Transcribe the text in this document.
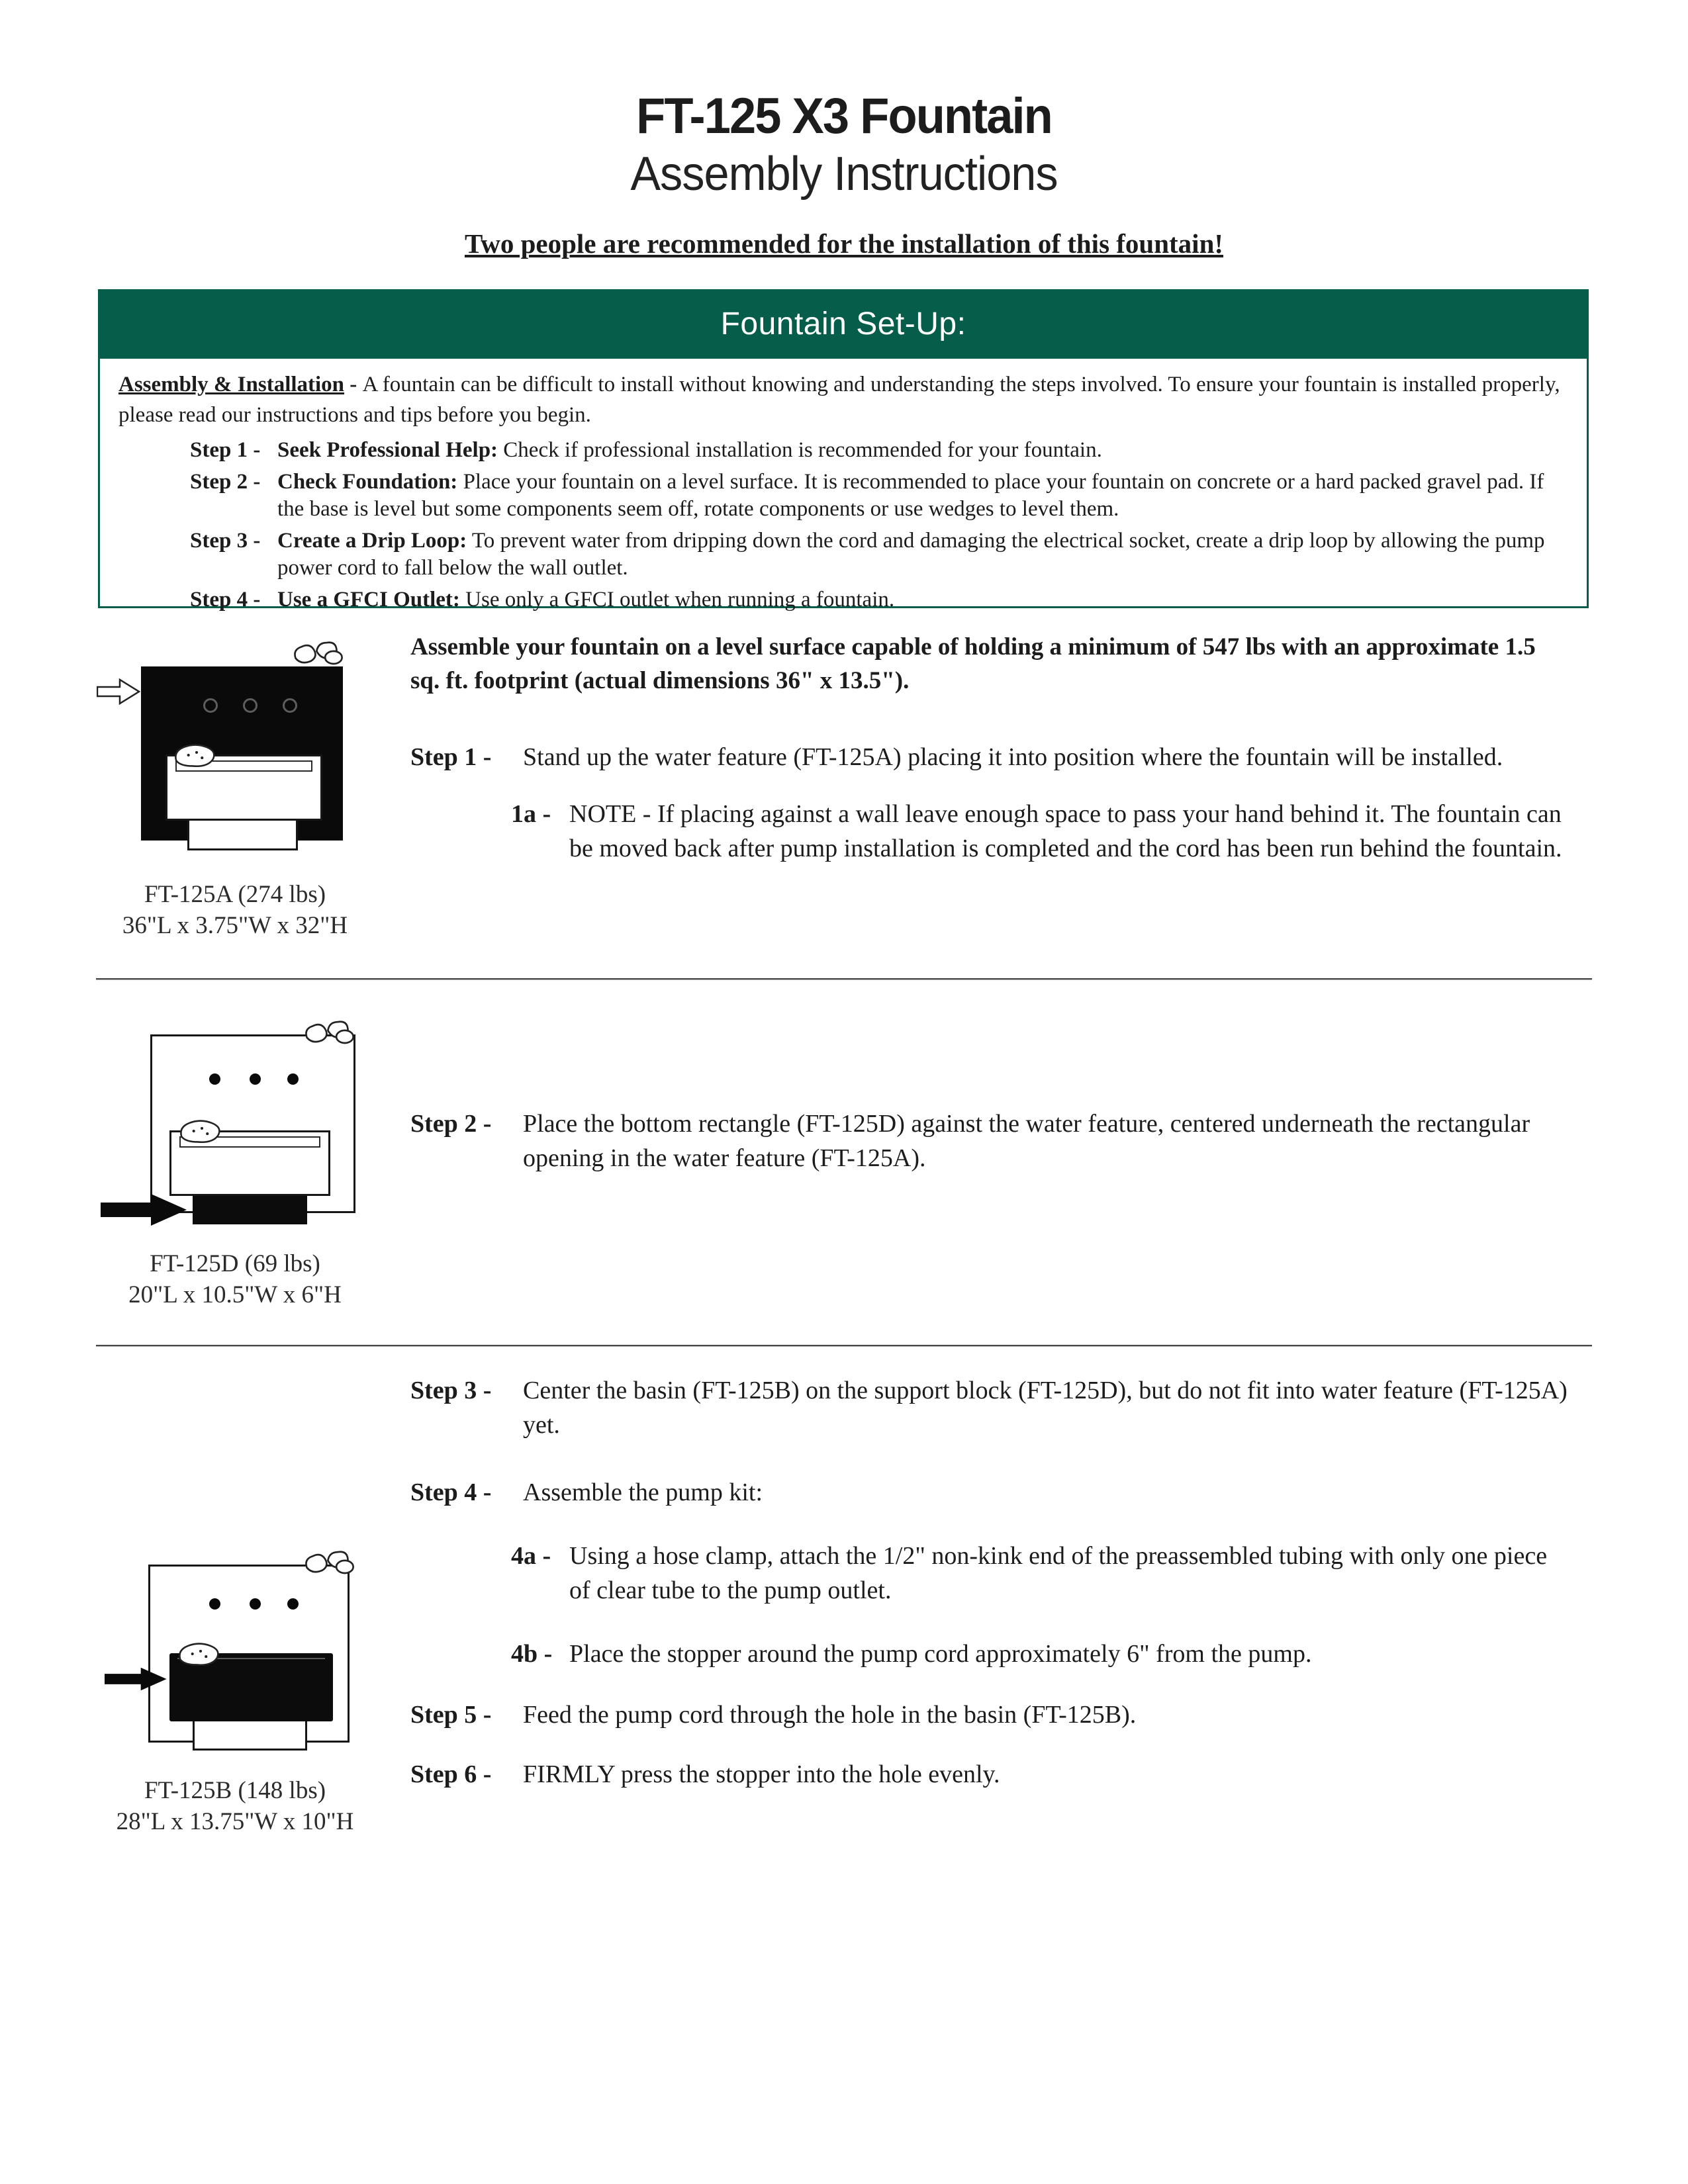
FT-125 X3 Fountain
Assembly Instructions
Two people are recommended for the installation of this fountain!
Fountain Set-Up:
Assembly & Installation - A fountain can be difficult to install without knowing and understanding the steps involved. To ensure your fountain is installed properly, please read our instructions and tips before you begin.
Step 1 - Seek Professional Help: Check if professional installation is recommended for your fountain.
Step 2 - Check Foundation: Place your fountain on a level surface. It is recommended to place your fountain on concrete or a hard packed gravel pad. If the base is level but some components seem off, rotate components or use wedges to level them.
Step 3 - Create a Drip Loop: To prevent water from dripping down the cord and damaging the electrical socket, create a drip loop by allowing the pump power cord to fall below the wall outlet.
Step 4 - Use a GFCI Outlet: Use only a GFCI outlet when running a fountain.
FT-125A (274 lbs)
36"L x 3.75"W x 32"H
Assemble your fountain on a level surface capable of holding a minimum of 547 lbs with an approximate 1.5 sq. ft. footprint (actual dimensions 36" x 13.5").
Step 1 -	Stand up the water feature (FT-125A) placing it into position where the fountain will be installed.
1a - NOTE - If placing against a wall leave enough space to pass your hand behind it. The fountain can be moved back after pump installation is completed and the cord has been run behind the fountain.
FT-125D (69 lbs)
20"L x 10.5"W x 6"H
Step 2 -	Place the bottom rectangle (FT-125D) against the water feature, centered underneath the rectangular opening in the water feature (FT-125A).
FT-125B (148 lbs)
28"L x 13.75"W x 10"H
Step 3 -	Center the basin (FT-125B) on the support block (FT-125D), but do not fit into water feature (FT-125A) yet.
Step 4 -	Assemble the pump kit:
4a - Using a hose clamp, attach the 1/2" non-kink end of the preassembled tubing with only one piece of clear tube to the pump outlet.
4b - Place the stopper around the pump cord approximately 6" from the pump.
Step 5 -	Feed the pump cord through the hole in the basin (FT-125B).
Step 6 -	FIRMLY press the stopper into the hole evenly.
